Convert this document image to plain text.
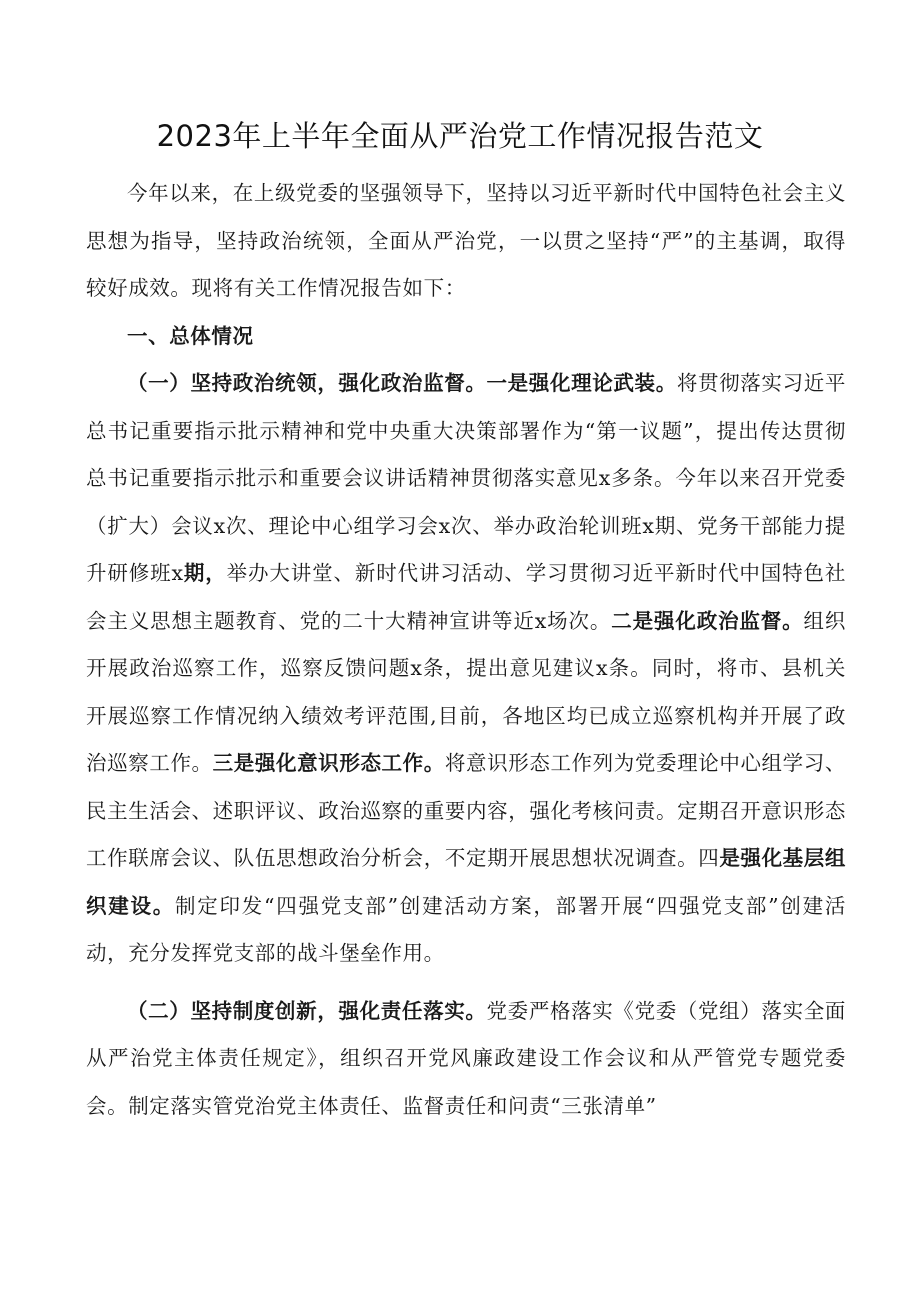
2023年上半年全面从严治党工作情况报告范文

今年以来，在上级党委的坚强领导下，坚持以习近平新时代中国特色社会主义思想为指导，坚持政治统领，全面从严治党，一以贯之坚持“严”的主基调，取得较好成效。现将有关工作情况报告如下：

一、总体情况

（一）坚持政治统领，强化政治监督。一是强化理论武装。将贯彻落实习近平总书记重要指示批示精神和党中央重大决策部署作为“第一议题”，提出传达贯彻总书记重要指示批示和重要会议讲话精神贯彻落实意见x多条。今年以来召开党委（扩大）会议x次、理论中心组学习会x次、举办政治轮训班x期、党务干部能力提升研修班x期，举办大讲堂、新时代讲习活动、学习贯彻习近平新时代中国特色社会主义思想主题教育、党的二十大精神宣讲等近x场次。二是强化政治监督。组织开展政治巡察工作，巡察反馈问题x条，提出意见建议x条。同时，将市、县机关开展巡察工作情况纳入绩效考评范围,目前，各地区均已成立巡察机构并开展了政治巡察工作。三是强化意识形态工作。将意识形态工作列为党委理论中心组学习、民主生活会、述职评议、政治巡察的重要内容，强化考核问责。定期召开意识形态工作联席会议、队伍思想政治分析会，不定期开展思想状况调查。四是强化基层组织建设。制定印发“四强党支部”创建活动方案，部署开展“四强党支部”创建活动，充分发挥党支部的战斗堡垒作用。

（二）坚持制度创新，强化责任落实。党委严格落实《党委（党组）落实全面从严治党主体责任规定》，组织召开党风廉政建设工作会议和从严管党专题党委会。制定落实管党治党主体责任、监督责任和问责“三张清单”
